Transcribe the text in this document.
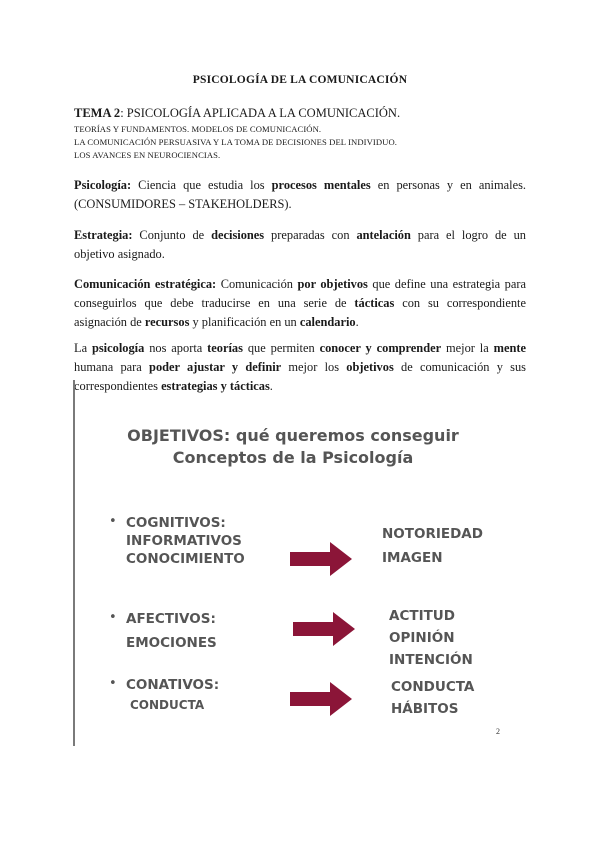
PSICOLOGÍA DE LA COMUNICACIÓN
TEMA 2: PSICOLOGÍA APLICADA A LA COMUNICACIÓN.
TEORÍAS Y FUNDAMENTOS. MODELOS DE COMUNICACIÓN.
LA COMUNICACIÓN PERSUASIVA Y LA TOMA DE DECISIONES DEL INDIVIDUO.
LOS AVANCES EN NEUROCIENCIAS.
Psicología: Ciencia que estudia los procesos mentales en personas y en animales. (CONSUMIDORES – STAKEHOLDERS).
Estrategia: Conjunto de decisiones preparadas con antelación para el logro de un objetivo asignado.
Comunicación estratégica: Comunicación por objetivos que define una estrategia para conseguirlos que debe traducirse en una serie de tácticas con su correspondiente asignación de recursos y planificación en un calendario.
La psicología nos aporta teorías que permiten conocer y comprender mejor la mente humana para poder ajustar y definir mejor los objetivos de comunicación y sus correspondientes estrategias y tácticas.
OBJETIVOS: qué queremos conseguir
Conceptos de la Psicología
• COGNITIVOS:
INFORMATIVOS
CONOCIMIENTO
NOTORIEDAD
IMAGEN
• AFECTIVOS:
EMOCIONES
ACTITUD
OPINIÓN
INTENCIÓN
• CONATIVOS:
CONDUCTA
CONDUCTA
HÁBITOS
2
